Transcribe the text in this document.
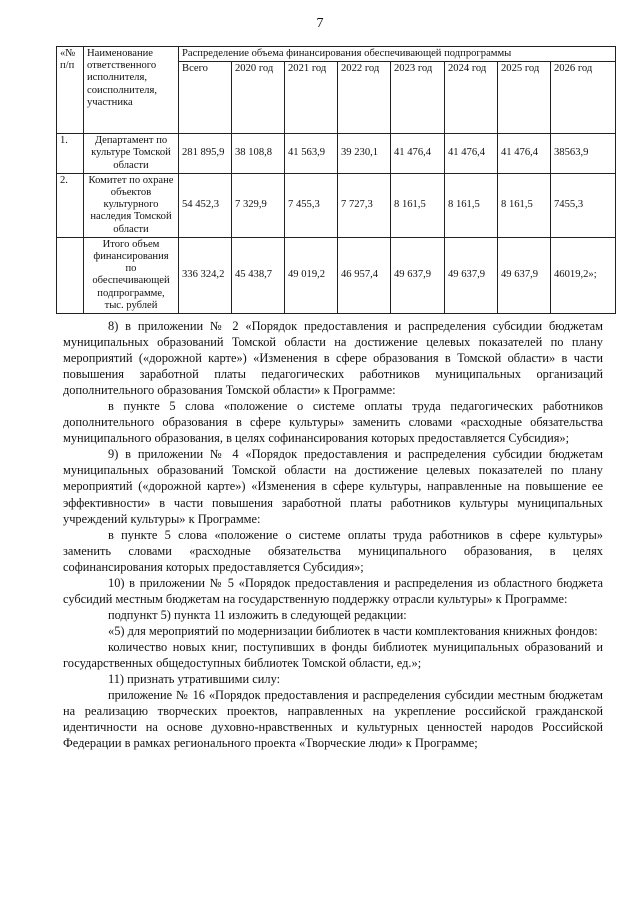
7
«№ п/п	Наименование ответственного исполнителя, соисполнителя, участника	Распределение объема финансирования обеспечивающей подпрограммы							
		Всего	2020 год	2021 год	2022 год	2023 год	2024 год	2025 год	2026 год
1.	Департамент по культуре Томской области	281 895,9	38 108,8	41 563,9	39 230,1	41 476,4	41 476,4	41 476,4	38563,9
2.	Комитет по охране объектов культурного наследия Томской области	54 452,3	7 329,9	7 455,3	7 727,3	8 161,5	8 161,5	8 161,5	7455,3
	Итого объем финансирования по обеспечивающей подпрограмме, тыс. рублей	336 324,2	45 438,7	49 019,2	46 957,4	49 637,9	49 637,9	49 637,9	46019,2»;

8) в приложении № 2 «Порядок предоставления и распределения субсидии бюджетам муниципальных образований Томской области на достижение целевых показателей по плану мероприятий («дорожной карте») «Изменения в сфере образования в Томской области» в части повышения заработной платы педагогических работников муниципальных организаций дополнительного образования Томской области» к Программе:

в пункте 5 слова «положение о системе оплаты труда педагогических работников дополнительного образования в сфере культуры» заменить словами «расходные обязательства муниципального образования, в целях софинансирования которых предоставляется Субсидия»;

9) в приложении № 4 «Порядок предоставления и распределения субсидии бюджетам муниципальных образований Томской области на достижение целевых показателей по плану мероприятий («дорожной карте») «Изменения в сфере культуры, направленные на повышение ее эффективности» в части повышения заработной платы работников культуры муниципальных учреждений культуры» к Программе:

в пункте 5 слова «положение о системе оплаты труда работников в сфере культуры» заменить словами «расходные обязательства муниципального образования, в целях софинансирования которых предоставляется Субсидия»;

10) в приложении № 5 «Порядок предоставления и распределения из областного бюджета субсидий местным бюджетам на государственную поддержку отрасли культуры» к Программе:

подпункт 5) пункта 11 изложить в следующей редакции:

«5) для мероприятий по модернизации библиотек в части комплектования книжных фондов:

количество новых книг, поступивших в фонды библиотек муниципальных образований и государственных общедоступных библиотек Томской области, ед.»;

11) признать утратившими силу:

приложение № 16 «Порядок предоставления и распределения субсидии местным бюджетам на реализацию творческих проектов, направленных на укрепление российской гражданской идентичности на основе духовно-нравственных и культурных ценностей народов Российской Федерации в рамках регионального проекта «Творческие люди» к Программе;
